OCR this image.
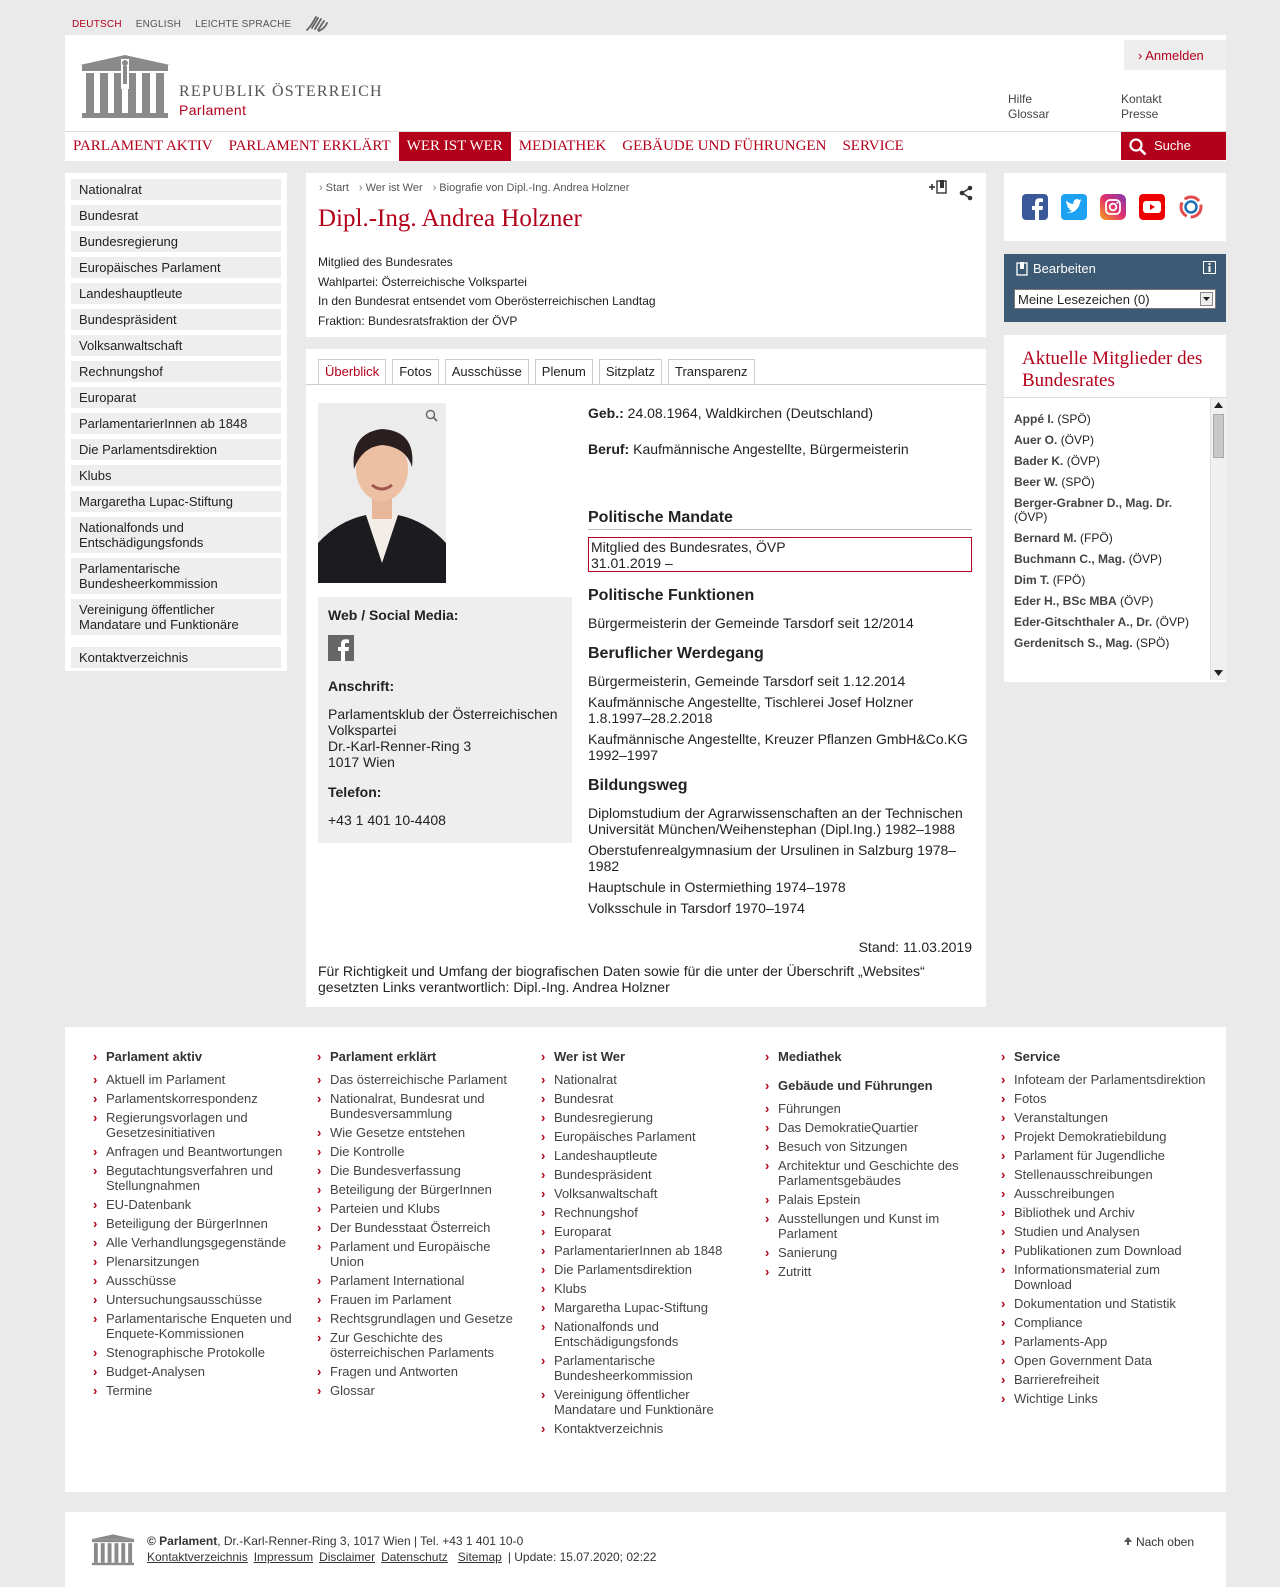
DEUTSCH ENGLISH LEICHTE SPRACHE
REPUBLIK ÖSTERREICH
Parlament
› Anmelden
Hilfe
Glossar
Kontakt
Presse
PARLAMENT AKTIV	PARLAMENT ERKLÄRT	WER IST WER	MEDIATHEK	GEBÄUDE UND FÜHRUNGEN	SERVICE	Suche
Nationalrat
Bundesrat
Bundesregierung
Europäisches Parlament
Landeshauptleute
Bundespräsident
Volksanwaltschaft
Rechnungshof
Europarat
ParlamentarierInnen ab 1848
Die Parlamentsdirektion
Klubs
Margaretha Lupac-Stiftung
Nationalfonds und Entschädigungsfonds
Parlamentarische Bundesheerkommission
Vereinigung öffentlicher Mandatare und Funktionäre
Kontaktverzeichnis
› Start	› Wer ist Wer	› Biografie von Dipl.-Ing. Andrea Holzner
Dipl.-Ing. Andrea Holzner
Mitglied des Bundesrates
Wahlpartei: Österreichische Volkspartei
In den Bundesrat entsendet vom Oberösterreichischen Landtag
Fraktion: Bundesratsfraktion der ÖVP
Überblick	Fotos	Ausschüsse	Plenum	Sitzplatz	Transparenz
Web / Social Media:
Anschrift:
Parlamentsklub der Österreichischen Volkspartei
Dr.-Karl-Renner-Ring 3
1017 Wien
Telefon:
+43 1 401 10-4408
Geb.: 24.08.1964, Waldkirchen (Deutschland)
Beruf: Kaufmännische Angestellte, Bürgermeisterin
Politische Mandate
Mitglied des Bundesrates, ÖVP
31.01.2019 –
Politische Funktionen
Bürgermeisterin der Gemeinde Tarsdorf seit 12/2014
Beruflicher Werdegang
Bürgermeisterin, Gemeinde Tarsdorf seit 1.12.2014
Kaufmännische Angestellte, Tischlerei Josef Holzner 1.8.1997–28.2.2018
Kaufmännische Angestellte, Kreuzer Pflanzen GmbH&Co.KG 1992–1997
Bildungsweg
Diplomstudium der Agrarwissenschaften an der Technischen Universität München/Weihenstephan (Dipl.Ing.) 1982–1988
Oberstufenrealgymnasium der Ursulinen in Salzburg 1978–1982
Hauptschule in Ostermiething 1974–1978
Volksschule in Tarsdorf 1970–1974
Stand: 11.03.2019
Für Richtigkeit und Umfang der biografischen Daten sowie für die unter der Überschrift „Websites“ gesetzten Links verantwortlich: Dipl.-Ing. Andrea Holzner
Bearbeiten
Meine Lesezeichen (0)
Aktuelle Mitglieder des Bundesrates
Appé I. (SPÖ)
Auer O. (ÖVP)
Bader K. (ÖVP)
Beer W. (SPÖ)
Berger-Grabner D., Mag. Dr. (ÖVP)
Bernard M. (FPÖ)
Buchmann C., Mag. (ÖVP)
Dim T. (FPÖ)
Eder H., BSc MBA (ÖVP)
Eder-Gitschthaler A., Dr. (ÖVP)
Gerdenitsch S., Mag. (SPÖ)
› Parlament aktiv
› Aktuell im Parlament
› Parlamentskorrespondenz
› Regierungsvorlagen und Gesetzesinitiativen
› Anfragen und Beantwortungen
› Begutachtungsverfahren und Stellungnahmen
› EU-Datenbank
› Beteiligung der BürgerInnen
› Alle Verhandlungsgegenstände
› Plenarsitzungen
› Ausschüsse
› Untersuchungsausschüsse
› Parlamentarische Enqueten und Enquete-Kommissionen
› Stenographische Protokolle
› Budget-Analysen
› Termine
› Parlament erklärt
› Das österreichische Parlament
› Nationalrat, Bundesrat und Bundesversammlung
› Wie Gesetze entstehen
› Die Kontrolle
› Die Bundesverfassung
› Beteiligung der BürgerInnen
› Parteien und Klubs
› Der Bundesstaat Österreich
› Parlament und Europäische Union
› Parlament International
› Frauen im Parlament
› Rechtsgrundlagen und Gesetze
› Zur Geschichte des österreichischen Parlaments
› Fragen und Antworten
› Glossar
› Wer ist Wer
› Nationalrat
› Bundesrat
› Bundesregierung
› Europäisches Parlament
› Landeshauptleute
› Bundespräsident
› Volksanwaltschaft
› Rechnungshof
› Europarat
› ParlamentarierInnen ab 1848
› Die Parlamentsdirektion
› Klubs
› Margaretha Lupac-Stiftung
› Nationalfonds und Entschädigungsfonds
› Parlamentarische Bundesheerkommission
› Vereinigung öffentlicher Mandatare und Funktionäre
› Kontaktverzeichnis
› Mediathek
› Gebäude und Führungen
› Führungen
› Das DemokratieQuartier
› Besuch von Sitzungen
› Architektur und Geschichte des Parlamentsgebäudes
› Palais Epstein
› Ausstellungen und Kunst im Parlament
› Sanierung
› Zutritt
› Service
› Infoteam der Parlamentsdirektion
› Fotos
› Veranstaltungen
› Projekt Demokratiebildung
› Parlament für Jugendliche
› Stellenausschreibungen
› Ausschreibungen
› Bibliothek und Archiv
› Studien und Analysen
› Publikationen zum Download
› Informationsmaterial zum Download
› Dokumentation und Statistik
› Compliance
› Parlaments-App
› Open Government Data
› Barrierefreiheit
› Wichtige Links
© Parlament, Dr.-Karl-Renner-Ring 3, 1017 Wien | Tel. +43 1 401 10-0
Kontaktverzeichnis Impressum Disclaimer Datenschutz Sitemap | Update: 15.07.2020; 02:22
Nach oben
